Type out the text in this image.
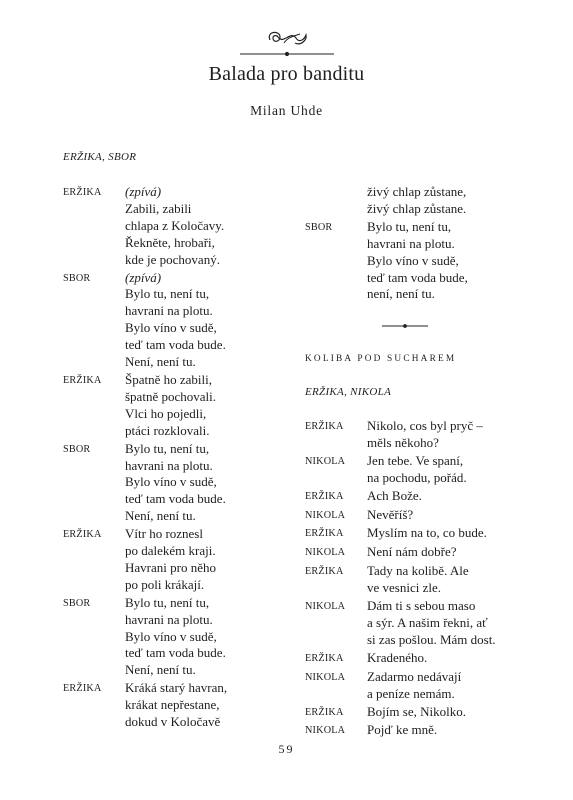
Balada pro banditu
Milan Uhde
ERŽIKA, SBOR
ERŽIKA	(zpívá)
Zabili, zabili
chlapa z Koločavy.
Řekněte, hrobaři,
kde je pochovaný.
SBOR	(zpívá)
Bylo tu, není tu,
havrani na plotu.
Bylo víno v sudě,
teď tam voda bude.
Není, není tu.
ERŽIKA	Špatně ho zabili,
špatně pochovali.
Vlci ho pojedli,
ptáci rozklovali.
SBOR	Bylo tu, není tu,
havrani na plotu.
Bylo víno v sudě,
teď tam voda bude.
Není, není tu.
ERŽIKA	Vítr ho roznesl
po dalekém kraji.
Havrani pro něho
po poli krákají.
SBOR	Bylo tu, není tu,
havrani na plotu.
Bylo víno v sudě,
teď tam voda bude.
Není, není tu.
ERŽIKA	Kráká starý havran,
krákat nepřestane,
dokud v Koločavě
živý chlap zůstane,
živý chlap zůstane.
SBOR	Bylo tu, není tu,
havrani na plotu.
Bylo víno v sudě,
teď tam voda bude,
není, není tu.
KOLIBA POD SUCHAREM
ERŽIKA, NIKOLA
ERŽIKA	Nikolo, cos byl pryč –
měls někoho?
NIKOLA	Jen tebe. Ve spaní,
na pochodu, pořád.
ERŽIKA	Ach Bože.
NIKOLA	Nevěříš?
ERŽIKA	Myslím na to, co bude.
NIKOLA	Není nám dobře?
ERŽIKA	Tady na kolibě. Ale
ve vesnici zle.
NIKOLA	Dám ti s sebou maso
a sýr. A našim řekni, ať
si zas pošlou. Mám dost.
ERŽIKA	Kradeného.
NIKOLA	Zadarmo nedávají
a peníze nemám.
ERŽIKA	Bojím se, Nikolko.
NIKOLA	Pojď ke mně.
59
